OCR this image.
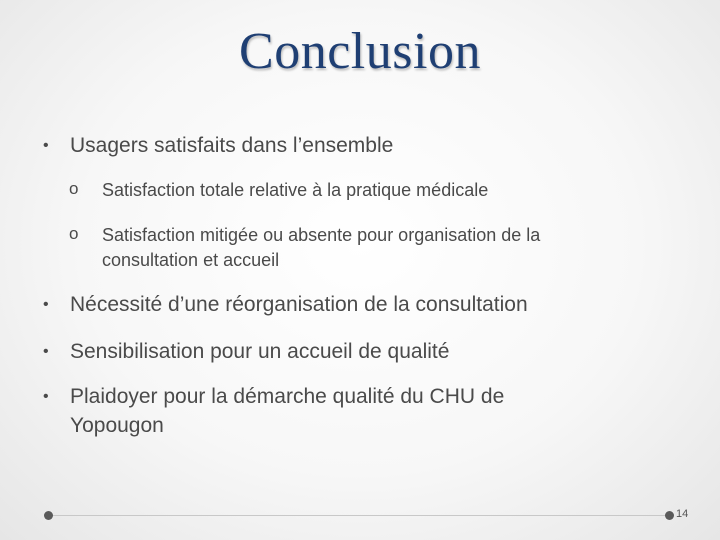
Conclusion
• Usagers satisfaits dans l’ensemble
o Satisfaction totale relative à la pratique médicale
o Satisfaction mitigée ou absente pour organisation de la
consultation et accueil
• Nécessité d’une réorganisation de la consultation
• Sensibilisation pour un accueil de qualité
• Plaidoyer pour la démarche qualité du CHU de
Yopougon
14
